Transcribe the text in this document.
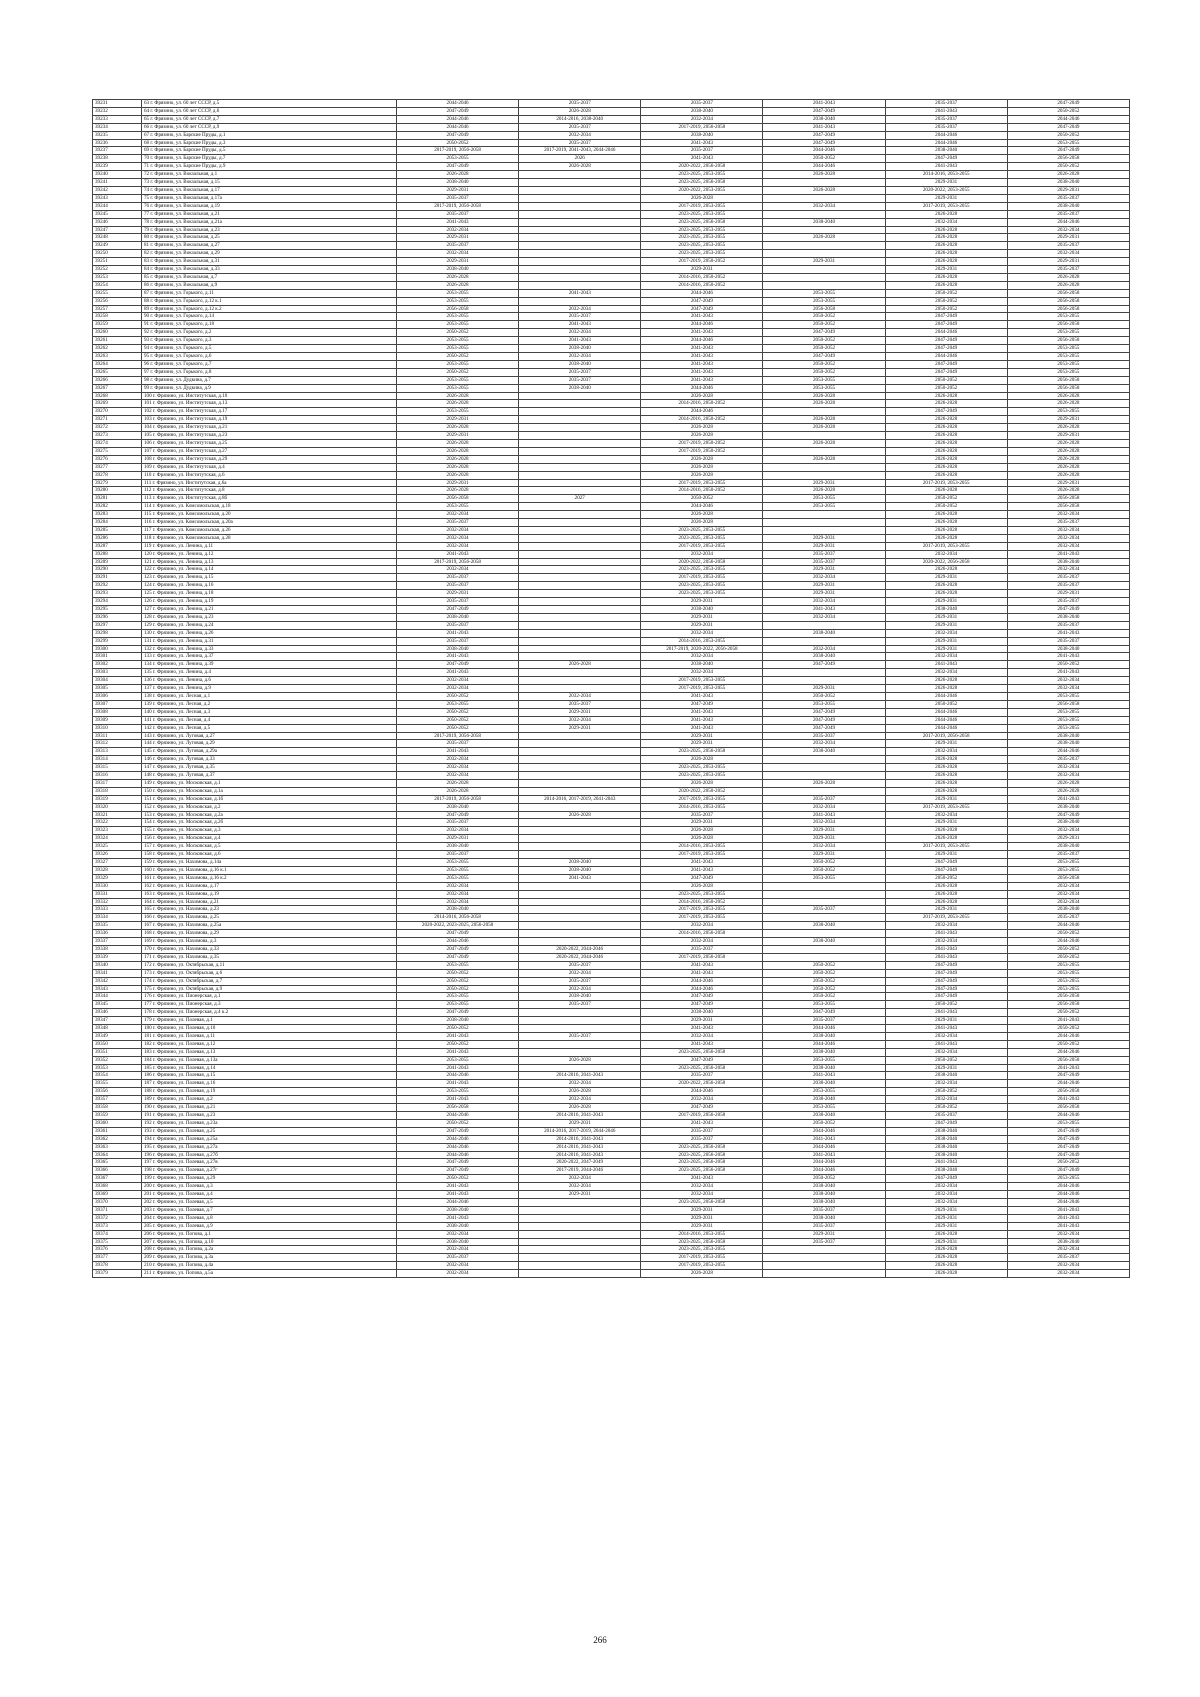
39231	63 г. Фрязино, ул. 60 лет СССР, д.5	2044-2046	2035-2037	2035-2037	2041-2043	2035-2037	2047-2049
39232	64 г. Фрязино, ул. 60 лет СССР, д.6	2047-2049	2026-2028	2038-2040	2047-2049	2041-2043	2050-2052
39233	65 г. Фрязино, ул. 60 лет СССР, д.7	2044-2046	2014-2016, 2038-2040	2032-2034	2038-2040	2035-2037	2044-2046
39234	66 г. Фрязино, ул. 60 лет СССР, д.9	2044-2046	2035-2037	2017-2019, 2056-2058	2041-2043	2035-2037	2047-2049
39235	67 г. Фрязино, ул. Барские Пруды, д.1	2047-2049	2032-2034	2038-2040	2047-2049	2044-2046	2050-2052
39236	68 г. Фрязино, ул. Барские Пруды, д.3	2050-2052	2035-2037	2041-2043	2047-2049	2044-2046	2053-2055
39237	69 г. Фрязино, ул. Барские Пруды, д.5	2017-2019, 2056-2058	2017-2019, 2041-2043, 2044-2046	2035-2037	2044-2046	2038-2040	2047-2049
39238	70 г. Фрязино, ул. Барские Пруды, д.7	2053-2055	2026	2041-2043	2050-2052	2047-2049	2056-2058
39239	71 г. Фрязино, ул. Барские Пруды, д.9	2047-2049	2026-2028	2020-2022, 2056-2058	2044-2046	2041-2043	2050-2052
39240	72 г. Фрязино, ул. Вокзальная, д.1	2026-2028		2023-2025, 2053-2055	2026-2028	2014-2016, 2053-2055	2026-2028
39241	73 г. Фрязино, ул. Вокзальная, д.15	2038-2040		2023-2025, 2056-2058		2029-2031	2038-2040
39242	74 г. Фрязино, ул. Вокзальная, д.17	2029-2031		2020-2022, 2053-2055	2026-2028	2020-2022, 2053-2055	2029-2031
39243	75 г. Фрязино, ул. Вокзальная, д.17а	2035-2037		2026-2028		2029-2031	2035-2037
39244	76 г. Фрязино, ул. Вокзальная, д.19	2017-2019, 2056-2058		2017-2019, 2053-2055	2032-2034	2017-2019, 2053-2055	2038-2040
39245	77 г. Фрязино, ул. Вокзальная, д.21	2035-2037		2023-2025, 2053-2055		2026-2028	2035-2037
39246	78 г. Фрязино, ул. Вокзальная, д.21а	2041-2043		2023-2025, 2056-2058	2038-2040	2032-2034	2044-2046
39247	79 г. Фрязино, ул. Вокзальная, д.23	2032-2034		2023-2025, 2053-2055		2026-2028	2032-2034
39248	80 г. Фрязино, ул. Вокзальная, д.25	2029-2031		2023-2025, 2053-2055	2026-2028	2026-2028	2029-2031
39249	81 г. Фрязино, ул. Вокзальная, д.27	2035-2037		2023-2025, 2053-2055		2026-2028	2035-2037
39250	82 г. Фрязино, ул. Вокзальная, д.29	2032-2034		2023-2025, 2053-2055		2026-2028	2032-2034
39251	83 г. Фрязино, ул. Вокзальная, д.31	2029-2031		2017-2019, 2050-2052	2029-2031	2026-2028	2029-2031
39252	84 г. Фрязино, ул. Вокзальная, д.33	2038-2040		2029-2031		2029-2031	2035-2037
39253	85 г. Фрязино, ул. Вокзальная, д.7	2026-2028		2014-2016, 2050-2052		2026-2028	2026-2028
39254	86 г. Фрязино, ул. Вокзальная, д.9	2026-2028		2014-2016, 2050-2052		2026-2028	2026-2028
39255	87 г. Фрязино, ул. Горького, д.11	2053-2055	2041-2043	2044-2046	2053-2055	2050-2052	2056-2058
39256	88 г. Фрязино, ул. Горького, д.12 к.1	2053-2055		2047-2049	2053-2055	2050-2052	2056-2058
39257	89 г. Фрязино, ул. Горького, д.12 к.2	2056-2058	2032-2034	2047-2049	2056-2058	2050-2052	2056-2058
39258	90 г. Фрязино, ул. Горького, д.14	2053-2055	2035-2037	2041-2043	2050-2052	2047-2049	2053-2055
39259	91 г. Фрязино, ул. Горького, д.18	2053-2055	2041-2043	2044-2046	2050-2052	2047-2049	2056-2058
39260	92 г. Фрязино, ул. Горького, д.2	2050-2052	2032-2034	2041-2043	2047-2049	2044-2046	2053-2055
39261	93 г. Фрязино, ул. Горького, д.3	2053-2055	2041-2043	2044-2046	2050-2052	2047-2049	2056-2058
39262	94 г. Фрязино, ул. Горького, д.5	2053-2055	2038-2040	2041-2043	2050-2052	2047-2049	2053-2055
39263	95 г. Фрязино, ул. Горького, д.6	2050-2052	2032-2034	2041-2043	2047-2049	2044-2046	2053-2055
39264	96 г. Фрязино, ул. Горького, д.7	2053-2055	2038-2040	2041-2043	2050-2052	2047-2049	2053-2055
39265	97 г. Фрязино, ул. Горького, д.8	2050-2052	2035-2037	2041-2043	2050-2052	2047-2049	2053-2055
39266	98 г. Фрязино, ул. Дудкина, д.7	2053-2055	2035-2037	2041-2043	2053-2055	2050-2052	2056-2058
39267	99 г. Фрязино, ул. Дудкина, д.9	2053-2055	2038-2040	2044-2046	2053-2055	2050-2052	2056-2058
39268	100 г. Фрязино, ул. Институтская, д.10	2026-2028		2026-2028	2026-2028	2026-2028	2026-2028
39269	101 г. Фрязино, ул. Институтская, д.13	2026-2028		2014-2016, 2050-2052	2026-2028	2026-2028	2026-2028
39270	102 г. Фрязино, ул. Институтская, д.17	2053-2055		2044-2046		2047-2049	2053-2055
39271	103 г. Фрязино, ул. Институтская, д.19	2029-2031		2014-2016, 2050-2052	2026-2028	2026-2028	2029-2031
39272	104 г. Фрязино, ул. Институтская, д.21	2026-2028		2026-2028	2026-2028	2026-2028	2026-2028
39273	105 г. Фрязино, ул. Институтская, д.23	2029-2031		2026-2028		2026-2028	2029-2031
39274	106 г. Фрязино, ул. Институтская, д.25	2026-2028		2017-2019, 2050-2052	2026-2028	2026-2028	2026-2028
39275	107 г. Фрязино, ул. Институтская, д.27	2026-2028		2017-2019, 2050-2052		2026-2028	2026-2028
39276	108 г. Фрязино, ул. Институтская, д.29	2026-2028		2026-2028	2026-2028	2026-2028	2026-2028
39277	109 г. Фрязино, ул. Институтская, д.4	2026-2028		2026-2028		2026-2028	2026-2028
39278	110 г. Фрязино, ул. Институтская, д.6	2026-2028		2026-2028		2026-2028	2026-2028
39279	111 г. Фрязино, ул. Институтская, д.6а	2029-2031		2017-2019, 2053-2055	2029-2031	2017-2019, 2053-2055	2029-2031
39280	112 г. Фрязино, ул. Институтская, д.8	2026-2028		2014-2016, 2050-2052	2026-2028	2026-2028	2026-2028
39281	113 г. Фрязино, ул. Институтская, д.8б	2056-2058	2027	2050-2052	2053-2055	2050-2052	2056-2058
39282	114 г. Фрязино, ул. Комсомольская, д.18	2053-2055		2044-2046	2053-2055	2050-2052	2056-2058
39283	115 г. Фрязино, ул. Комсомольская, д.20	2032-2034		2026-2028		2026-2028	2032-2034
39284	116 г. Фрязино, ул. Комсомольская, д.20а	2035-2037		2026-2028		2026-2028	2035-2037
39285	117 г. Фрязино, ул. Комсомольская, д.26	2032-2034		2023-2025, 2053-2055		2026-2028	2032-2034
39286	118 г. Фрязино, ул. Комсомольская, д.28	2032-2034		2023-2025, 2053-2055	2029-2031	2026-2028	2032-2034
39287	119 г. Фрязино, ул. Ленина, д.11	2032-2034		2017-2019, 2053-2055	2029-2031	2017-2019, 2053-2055	2032-2034
39288	120 г. Фрязино, ул. Ленина, д.12	2041-2043		2032-2034	2035-2037	2032-2034	2041-2043
39289	121 г. Фрязино, ул. Ленина, д.13	2017-2019, 2056-2058		2020-2022, 2056-2058	2035-2037	2020-2022, 2056-2058	2038-2040
39290	122 г. Фрязино, ул. Ленина, д.14	2032-2034		2023-2025, 2053-2055	2029-2031	2026-2028	2032-2034
39291	123 г. Фрязино, ул. Ленина, д.15	2035-2037		2017-2019, 2053-2055	2032-2034	2029-2031	2035-2037
39292	124 г. Фрязино, ул. Ленина, д.16	2035-2037		2023-2025, 2053-2055	2029-2031	2026-2028	2035-2037
39293	125 г. Фрязино, ул. Ленина, д.18	2029-2031		2023-2025, 2053-2055	2029-2031	2026-2028	2029-2031
39294	126 г. Фрязино, ул. Ленина, д.19	2035-2037		2029-2031	2032-2034	2029-2031	2035-2037
39295	127 г. Фрязино, ул. Ленина, д.21	2047-2049		2038-2040	2041-2043	2038-2040	2047-2049
39296	128 г. Фрязино, ул. Ленина, д.23	2038-2040		2029-2031	2032-2034	2029-2031	2038-2040
39297	129 г. Фрязино, ул. Ленина, д.24	2035-2037		2029-2031		2029-2031	2035-2037
39298	130 г. Фрязино, ул. Ленина, д.26	2041-2043		2032-2034	2038-2040	2032-2034	2041-2043
39299	131 г. Фрязино, ул. Ленина, д.31	2035-2037		2014-2016, 2053-2055		2029-2031	2035-2037
39300	132 г. Фрязино, ул. Ленина, д.33	2038-2040		2017-2019, 2020-2022, 2056-2058	2032-2034	2029-2031	2038-2040
39301	133 г. Фрязино, ул. Ленина, д.37	2041-2043		2032-2034	2038-2040	2032-2034	2041-2043
39302	134 г. Фрязино, ул. Ленина, д.39	2047-2049	2026-2028	2038-2040	2047-2049	2041-2043	2050-2052
39303	135 г. Фрязино, ул. Ленина, д.4	2041-2043		2032-2034		2032-2034	2041-2043
39304	136 г. Фрязино, ул. Ленина, д.6	2032-2034		2017-2019, 2053-2055		2026-2028	2032-2034
39305	137 г. Фрязино, ул. Ленина, д.9	2032-2034		2017-2019, 2053-2055	2029-2031	2026-2028	2032-2034
39306	138 г. Фрязино, ул. Лесная, д.1	2050-2052	2032-2034	2041-2043	2050-2052	2044-2046	2053-2055
39307	139 г. Фрязино, ул. Лесная, д.2	2053-2055	2035-2037	2047-2049	2053-2055	2050-2052	2056-2058
39308	140 г. Фрязино, ул. Лесная, д.3	2050-2052	2029-2031	2041-2043	2047-2049	2044-2046	2053-2055
39309	141 г. Фрязино, ул. Лесная, д.4	2050-2052	2032-2034	2041-2043	2047-2049	2044-2046	2053-2055
39310	142 г. Фрязино, ул. Лесная, д.5	2050-2052	2029-2031	2041-2043	2047-2049	2044-2046	2053-2055
39311	143 г. Фрязино, ул. Луговая, д.27	2017-2019, 2056-2058		2029-2031	2035-2037	2017-2019, 2056-2058	2038-2040
39312	144 г. Фрязино, ул. Луговая, д.29	2035-2037		2029-2031	2032-2034	2029-2031	2038-2040
39313	145 г. Фрязино, ул. Луговая, д.29а	2041-2043		2023-2025, 2056-2058	2038-2040	2032-2034	2044-2046
39314	146 г. Фрязино, ул. Луговая, д.33	2032-2034		2026-2028		2026-2028	2035-2037
39315	147 г. Фрязино, ул. Луговая, д.35	2032-2034		2023-2025, 2053-2055		2026-2028	2032-2034
39316	148 г. Фрязино, ул. Луговая, д.37	2032-2034		2023-2025, 2053-2055		2026-2028	2032-2034
39317	149 г. Фрязино, ул. Московская, д.1	2026-2028		2026-2028	2026-2028	2026-2028	2026-2028
39318	150 г. Фрязино, ул. Московская, д.1а	2026-2028		2020-2022, 2050-2052		2026-2028	2026-2028
39319	151 г. Фрязино, ул. Московская, д.1б	2017-2019, 2056-2058	2014-2016, 2017-2019, 2041-2043	2017-2019, 2053-2055	2035-2037	2029-2031	2041-2043
39320	152 г. Фрязино, ул. Московская, д.2	2038-2040		2014-2016, 2053-2055	2032-2034	2017-2019, 2053-2055	2038-2040
39321	153 г. Фрязино, ул. Московская, д.2а	2047-2049	2026-2028	2035-2037	2041-2043	2032-2034	2047-2049
39322	154 г. Фрязино, ул. Московская, д.2б	2035-2037		2029-2031	2032-2034	2029-2031	2038-2040
39323	155 г. Фрязино, ул. Московская, д.3	2032-2034		2026-2028	2029-2031	2026-2028	2032-2034
39324	156 г. Фрязино, ул. Московская, д.4	2029-2031		2026-2028	2029-2031	2026-2028	2029-2031
39325	157 г. Фрязино, ул. Московская, д.5	2038-2040		2014-2016, 2053-2055	2032-2034	2017-2019, 2053-2055	2038-2040
39326	158 г. Фрязино, ул. Московская, д.6	2035-2037		2017-2019, 2053-2055	2029-2031	2029-2031	2035-2037
39327	159 г. Фрязино, ул. Нахимова, д.14а	2053-2055	2038-2040	2041-2043	2050-2052	2047-2049	2053-2055
39328	160 г. Фрязино, ул. Нахимова, д.16 к.1	2053-2055	2038-2040	2041-2043	2050-2052	2047-2049	2053-2055
39329	161 г. Фрязино, ул. Нахимова, д.16 к.2	2053-2055	2041-2043	2047-2049	2053-2055	2050-2052	2056-2058
39330	162 г. Фрязино, ул. Нахимова, д.17	2032-2034		2026-2028		2026-2028	2032-2034
39331	163 г. Фрязино, ул. Нахимова, д.19	2032-2034		2023-2025, 2053-2055		2026-2028	2032-2034
39332	164 г. Фрязино, ул. Нахимова, д.21	2032-2034		2014-2016, 2050-2052		2026-2028	2032-2034
39333	165 г. Фрязино, ул. Нахимова, д.23	2038-2040		2017-2019, 2053-2055	2035-2037	2029-2031	2038-2040
39334	166 г. Фрязино, ул. Нахимова, д.25	2014-2016, 2056-2058		2017-2019, 2053-2055		2017-2019, 2053-2055	2035-2037
39335	167 г. Фрязино, ул. Нахимова, д.25а	2020-2022, 2023-2025, 2056-2058		2032-2034	2038-2040	2032-2034	2044-2046
39336	168 г. Фрязино, ул. Нахимова, д.29	2047-2049		2014-2016, 2056-2058		2041-2043	2050-2052
39337	169 г. Фрязино, ул. Нахимова, д.3	2044-2046		2032-2034	2038-2040	2032-2034	2044-2046
39338	170 г. Фрязино, ул. Нахимова, д.33	2047-2049	2020-2022, 2044-2046	2035-2037		2041-2043	2050-2052
39339	171 г. Фрязино, ул. Нахимова, д.35	2047-2049	2020-2022, 2044-2046	2017-2019, 2056-2058		2041-2043	2050-2052
39340	172 г. Фрязино, ул. Октябрьская, д.11	2053-2055	2035-2037	2041-2043	2050-2052	2047-2049	2053-2055
39341	173 г. Фрязино, ул. Октябрьская, д.6	2050-2052	2032-2034	2041-2043	2050-2052	2047-2049	2053-2055
39342	174 г. Фрязино, ул. Октябрьская, д.7	2050-2052	2035-2037	2044-2046	2050-2052	2047-2049	2053-2055
39343	175 г. Фрязино, ул. Октябрьская, д.9	2050-2052	2032-2034	2044-2046	2050-2052	2047-2049	2053-2055
39344	176 г. Фрязино, ул. Пионерская, д.1	2053-2055	2038-2040	2047-2049	2050-2052	2047-2049	2056-2058
39345	177 г. Фрязино, ул. Пионерская, д.3	2053-2055	2035-2037	2047-2049	2053-2055	2050-2052	2056-2058
39346	178 г. Фрязино, ул. Пионерская, д.4 к.2	2047-2049		2038-2040	2047-2049	2041-2043	2050-2052
39347	179 г. Фрязино, ул. Полевая, д.1	2038-2040		2029-2031	2035-2037	2029-2031	2041-2043
39348	180 г. Фрязино, ул. Полевая, д.10	2050-2052		2041-2043	2044-2046	2041-2043	2050-2052
39349	181 г. Фрязино, ул. Полевая, д.11	2041-2043	2035-2037	2032-2034	2038-2040	2032-2034	2044-2046
39350	182 г. Фрязино, ул. Полевая, д.12	2050-2052		2041-2043	2044-2046	2041-2043	2050-2052
39351	183 г. Фрязино, ул. Полевая, д.13	2041-2043		2023-2025, 2056-2058	2038-2040	2032-2034	2044-2046
39352	184 г. Фрязино, ул. Полевая, д.13а	2053-2055	2026-2028	2047-2049	2053-2055	2050-2052	2056-2058
39353	185 г. Фрязино, ул. Полевая, д.14	2041-2043		2023-2025, 2056-2058	2038-2040	2029-2031	2041-2043
39354	186 г. Фрязино, ул. Полевая, д.15	2044-2046	2014-2016, 2041-2043	2035-2037	2041-2043	2038-2040	2047-2049
39355	187 г. Фрязино, ул. Полевая, д.16	2041-2043	2032-2034	2020-2022, 2056-2058	2038-2040	2032-2034	2044-2046
39356	188 г. Фрязино, ул. Полевая, д.19	2053-2055	2026-2028	2044-2046	2053-2055	2050-2052	2056-2058
39357	189 г. Фрязино, ул. Полевая, д.2	2041-2043	2032-2034	2032-2034	2038-2040	2032-2034	2041-2043
39358	190 г. Фрязино, ул. Полевая, д.21	2056-2058	2026-2028	2047-2049	2053-2055	2050-2052	2056-2058
39359	191 г. Фрязино, ул. Полевая, д.23	2044-2046	2014-2016, 2041-2043	2017-2019, 2056-2058	2038-2040	2035-2037	2044-2046
39360	192 г. Фрязино, ул. Полевая, д.23а	2050-2052	2029-2031	2041-2043	2050-2052	2047-2049	2053-2055
39361	193 г. Фрязино, ул. Полевая, д.25	2047-2049	2014-2016, 2017-2019, 2044-2046	2035-2037	2044-2046	2038-2040	2047-2049
39362	194 г. Фрязино, ул. Полевая, д.25а	2044-2046	2014-2016, 2041-2043	2035-2037	2041-2043	2038-2040	2047-2049
39363	195 г. Фрязино, ул. Полевая, д.27а	2044-2046	2014-2016, 2041-2043	2023-2025, 2056-2058	2044-2046	2038-2040	2047-2049
39364	196 г. Фрязино, ул. Полевая, д.27б	2044-2046	2014-2016, 2041-2043	2023-2025, 2056-2058	2041-2043	2038-2040	2047-2049
39365	197 г. Фрязино, ул. Полевая, д.27в	2047-2049	2020-2022, 2047-2049	2023-2025, 2056-2058	2044-2046	2041-2043	2050-2052
39366	198 г. Фрязино, ул. Полевая, д.27г	2047-2049	2017-2019, 2044-2046	2023-2025, 2056-2058	2044-2046	2038-2040	2047-2049
39367	199 г. Фрязино, ул. Полевая, д.29	2050-2052	2032-2034	2041-2043	2050-2052	2047-2049	2053-2055
39368	200 г. Фрязино, ул. Полевая, д.3	2041-2043	2032-2034	2032-2034	2038-2040	2032-2034	2044-2046
39369	201 г. Фрязино, ул. Полевая, д.4	2041-2043	2029-2031	2032-2034	2038-2040	2032-2034	2044-2046
39370	202 г. Фрязино, ул. Полевая, д.5	2044-2046		2023-2025, 2056-2058	2038-2040	2032-2034	2044-2046
39371	203 г. Фрязино, ул. Полевая, д.7	2038-2040		2029-2031	2035-2037	2029-2031	2041-2043
39372	204 г. Фрязино, ул. Полевая, д.8	2041-2043		2029-2031	2038-2040	2029-2031	2041-2043
39373	205 г. Фрязино, ул. Полевая, д.9	2038-2040		2029-2031	2035-2037	2029-2031	2041-2043
39374	206 г. Фрязино, ул. Попова, д.1	2032-2034		2014-2016, 2053-2055	2029-2031	2026-2028	2032-2034
39375	207 г. Фрязино, ул. Попова, д.10	2038-2040		2023-2025, 2056-2058	2035-2037	2029-2031	2038-2040
39376	208 г. Фрязино, ул. Попова, д.2а	2032-2034		2023-2025, 2053-2055		2026-2028	2032-2034
39377	209 г. Фрязино, ул. Попова, д.3а	2035-2037		2017-2019, 2053-2055		2026-2028	2035-2037
39378	210 г. Фрязино, ул. Попова, д.4а	2032-2034		2017-2019, 2053-2055		2026-2028	2032-2034
39379	211 г. Фрязино, ул. Попова, д.5а	2032-2034		2026-2028		2026-2028	2032-2034
266
